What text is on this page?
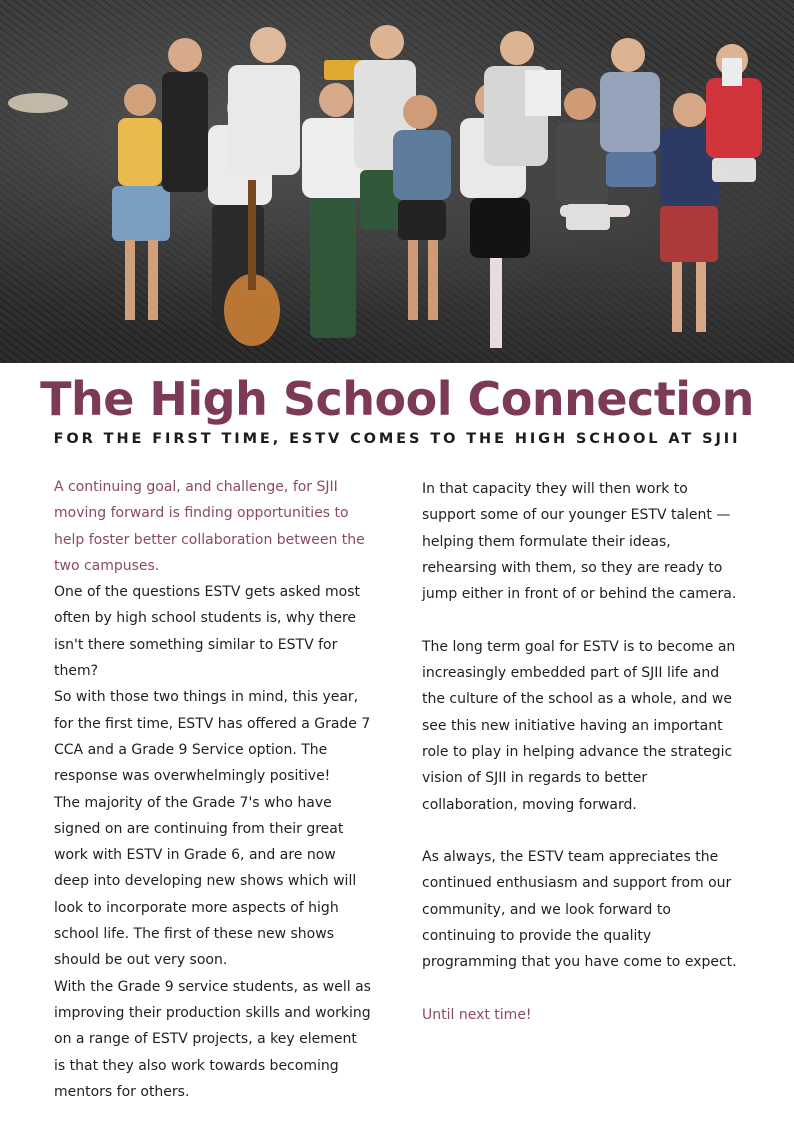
The High School Connection
FOR THE FIRST TIME, ESTV COMES TO THE HIGH SCHOOL AT SJII

A continuing goal, and challenge, for SJII moving forward is finding opportunities to help foster better collaboration between the two campuses.

One of the questions ESTV gets asked most often by high school students is, why there isn't there something similar to ESTV for them?

So with those two things in mind, this year, for the first time, ESTV has offered a Grade 7 CCA and a Grade 9 Service option. The response was overwhelmingly positive!

The majority of the Grade 7's who have signed on are continuing from their great work with ESTV in Grade 6, and are now deep into developing new shows which will look to incorporate more aspects of high school life. The first of these new shows should be out very soon.

With the Grade 9 service students, as well as improving their production skills and working on a range of ESTV projects, a key element is that they also work towards becoming mentors for others.

In that capacity they will then work to support some of our younger ESTV talent — helping them formulate their ideas, rehearsing with them, so they are ready to jump either in front of or behind the camera.

The long term goal for ESTV is to become an increasingly embedded part of SJII life and the culture of the school as a whole, and we see this new initiative having an important role to play in helping advance the strategic vision of SJII in regards to better collaboration, moving forward.

As always, the ESTV team appreciates the continued enthusiasm and support from our community, and we look forward to continuing to provide the quality programming that you have come to expect.

Until next time!
